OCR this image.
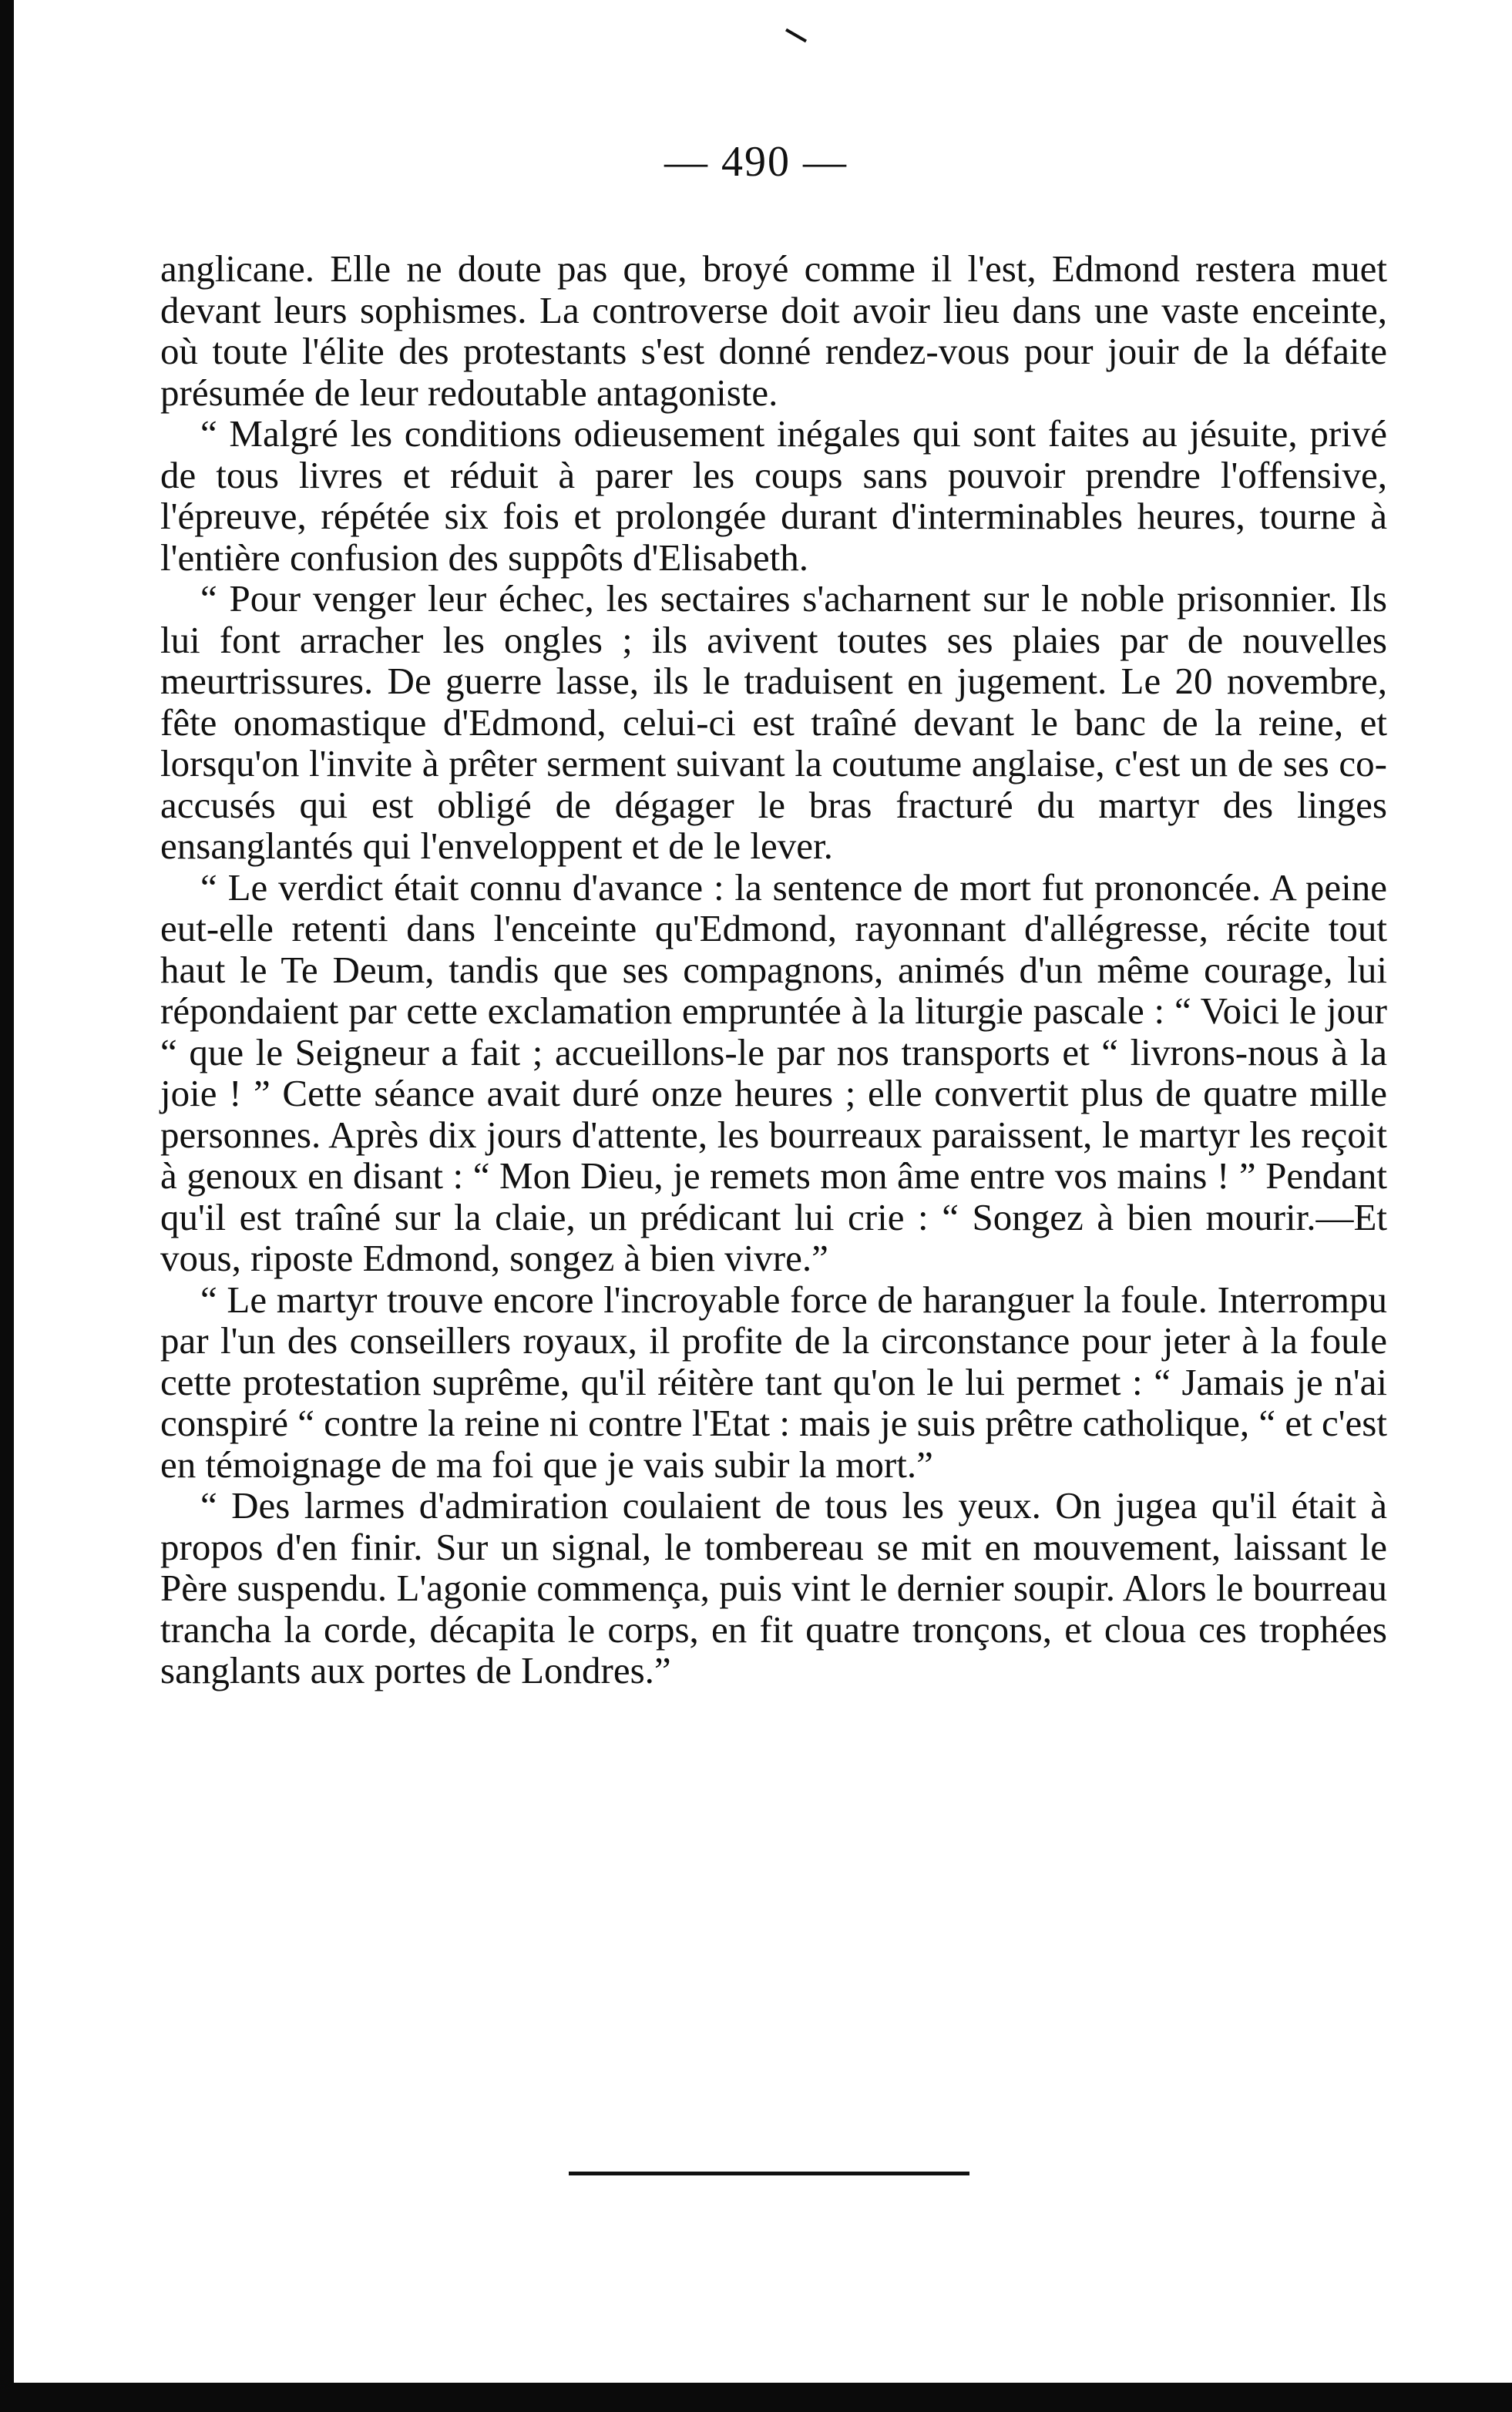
— 490 —

anglicane. Elle ne doute pas que, broyé comme il l'est, Edmond restera muet devant leurs sophismes. La controverse doit avoir lieu dans une vaste enceinte, où toute l'élite des protestants s'est donné rendez-vous pour jouir de la défaite présumée de leur redoutable antagoniste.

“ Malgré les conditions odieusement inégales qui sont faites au jésuite, privé de tous livres et réduit à parer les coups sans pouvoir prendre l'offensive, l'épreuve, répétée six fois et prolongée durant d'interminables heures, tourne à l'entière confusion des suppôts d'Elisabeth.

“ Pour venger leur échec, les sectaires s'acharnent sur le noble prisonnier. Ils lui font arracher les ongles ; ils avivent toutes ses plaies par de nouvelles meurtrissures. De guerre lasse, ils le traduisent en jugement. Le 20 novembre, fête onomastique d'Edmond, celui-ci est traîné devant le banc de la reine, et lorsqu'on l'invite à prêter serment suivant la coutume anglaise, c'est un de ses co-accusés qui est obligé de dégager le bras fracturé du martyr des linges ensanglantés qui l'enveloppent et de le lever.

“ Le verdict était connu d'avance : la sentence de mort fut prononcée. A peine eut-elle retenti dans l'enceinte qu'Edmond, rayonnant d'allégresse, récite tout haut le Te Deum, tandis que ses compagnons, animés d'un même courage, lui répondaient par cette exclamation empruntée à la liturgie pascale : “ Voici le jour “ que le Seigneur a fait ; accueillons-le par nos transports et “ livrons-nous à la joie ! ” Cette séance avait duré onze heures ; elle convertit plus de quatre mille personnes. Après dix jours d'attente, les bourreaux paraissent, le martyr les reçoit à genoux en disant : “ Mon Dieu, je remets mon âme entre vos mains ! ” Pendant qu'il est traîné sur la claie, un prédicant lui crie : “ Songez à bien mourir.—Et vous, riposte Edmond, songez à bien vivre.”

“ Le martyr trouve encore l'incroyable force de haranguer la foule. Interrompu par l'un des conseillers royaux, il profite de la circonstance pour jeter à la foule cette protestation suprême, qu'il réitère tant qu'on le lui permet : “ Jamais je n'ai conspiré “ contre la reine ni contre l'Etat : mais je suis prêtre catholique, “ et c'est en témoignage de ma foi que je vais subir la mort.”

“ Des larmes d'admiration coulaient de tous les yeux. On jugea qu'il était à propos d'en finir. Sur un signal, le tombereau se mit en mouvement, laissant le Père suspendu. L'agonie commença, puis vint le dernier soupir. Alors le bourreau trancha la corde, décapita le corps, en fit quatre tronçons, et cloua ces trophées sanglants aux portes de Londres.”
